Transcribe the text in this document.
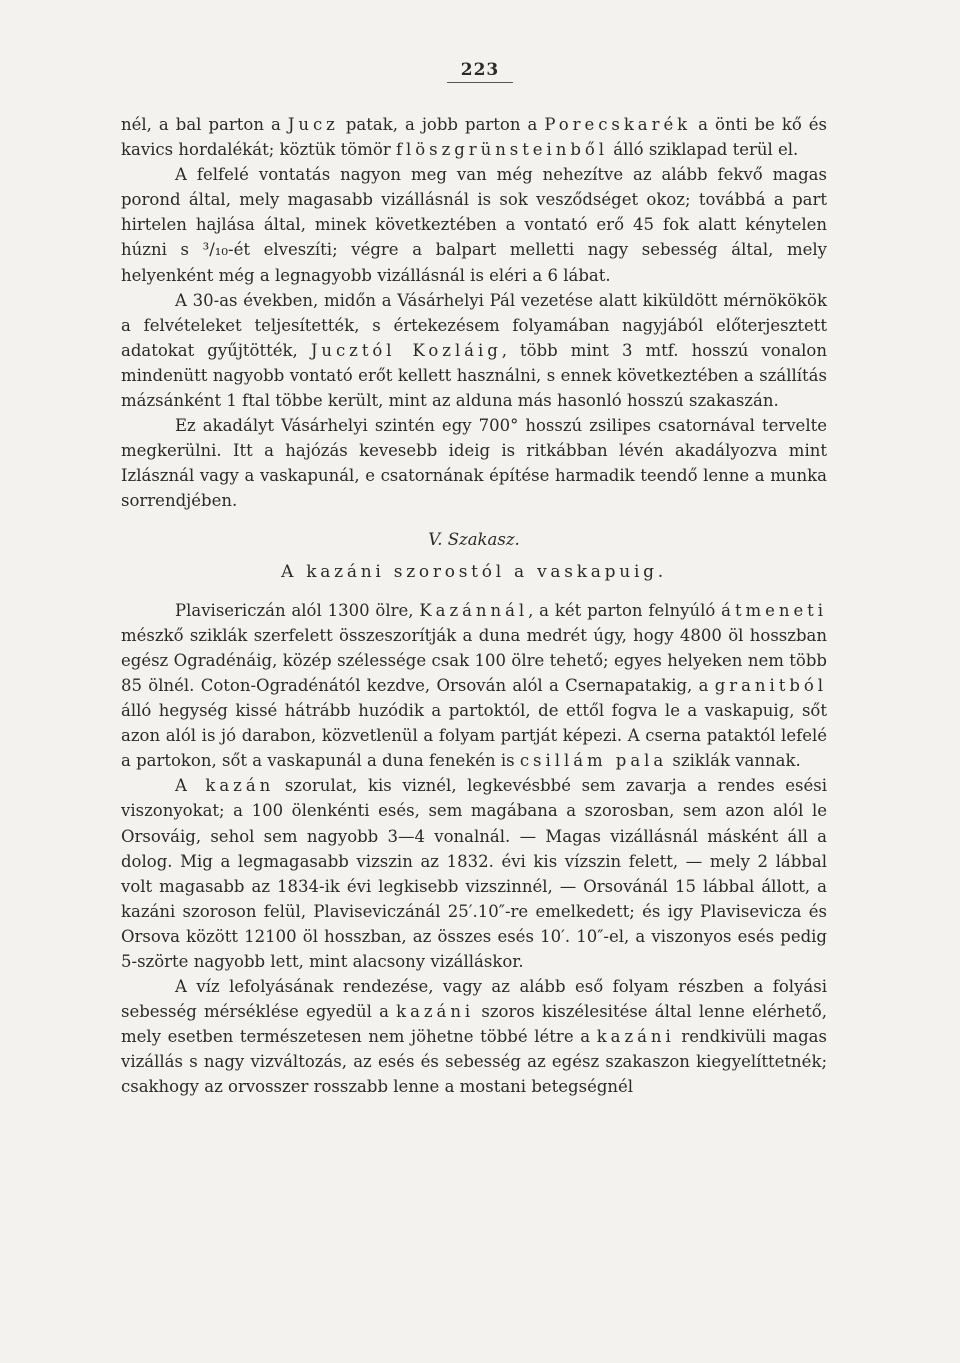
223

nél, a bal parton a Jucz patak, a jobb parton a Porecskarék a önti be kő és kavics hordalékát; köztük tömör flöszgrünsteinből álló sziklapad terül el.

A felfelé vontatás nagyon meg van még nehezítve az alább fekvő magas porond által, mely magasabb vizállásnál is sok vesződséget okoz; továbbá a part hirtelen hajlása által, minek következtében a vontató erő 45 fok alatt kénytelen húzni s ³/₁₀-ét elveszíti; végre a balpart melletti nagy sebesség által, mely helyenként még a legnagyobb vizállásnál is eléri a 6 lábat.

A 30-as években, midőn a Vásárhelyi Pál vezetése alatt kiküldött mérnökökök a felvételeket teljesítették, s értekezésem folyamában nagyjából előterjesztett adatokat gyűjtötték, Jucztól Kozláig, több mint 3 mtf. hosszú vonalon mindenütt nagyobb vontató erőt kellett használni, s ennek következtében a szállítás mázsánként 1 ftal többe került, mint az alduna más hasonló hosszú szakaszán.

Ez akadályt Vásárhelyi szintén egy 700° hosszú zsilipes csatornával tervelte megkerülni. Itt a hajózás kevesebb ideig is ritkábban lévén akadályozva mint Izlásznál vagy a vaskapunál, e csatornának építése harmadik teendő lenne a munka sorrendjében.

V. Szakasz.
A kazáni szorostól a vaskapuig.

Plavisericzán alól 1300 ölre, Kazánnál, a két parton felnyúló átmeneti mészkő sziklák szerfelett összeszorítják a duna medrét úgy, hogy 4800 öl hosszban egész Ogradénáig, közép szélessége csak 100 ölre tehető; egyes helyeken nem több 85 ölnél. Coton-Ogradénától kezdve, Orsován alól a Csernapatakig, a granitból álló hegység kissé hátrább huzódik a partoktól, de ettől fogva le a vaskapuig, sőt azon alól is jó darabon, közvetlenül a folyam partját képezi. A cserna pataktól lefelé a partokon, sőt a vaskapunál a duna fenekén is csillám pala sziklák vannak.

A kazán szorulat, kis viznél, legkevésbbé sem zavarja a rendes esési viszonyokat; a 100 ölenkénti esés, sem magábana a szorosban, sem azon alól le Orsováig, sehol sem nagyobb 3—4 vonalnál. — Magas vizállásnál másként áll a dolog. Mig a legmagasabb vizszin az 1832. évi kis vízszin felett, — mely 2 lábbal volt magasabb az 1834-ik évi legkisebb vizszinnél, — Orsovánál 15 lábbal állott, a kazáni szoroson felül, Plaviseviczánál 25′.10″-re emelkedett; és igy Plavisevicza és Orsova között 12100 öl hosszban, az összes esés 10′. 10″-el, a viszonyos esés pedig 5-szörte nagyobb lett, mint alacsony vizálláskor.

A víz lefolyásának rendezése, vagy az alább eső folyam részben a folyási sebesség mérséklése egyedül a kazáni szoros kiszélesitése által lenne elérhető, mely esetben természetesen nem jöhetne többé létre a kazáni rendkivüli magas vizállás s nagy vizváltozás, az esés és sebesség az egész szakaszon kiegyelíttetnék; csakhogy az orvosszer rosszabb lenne a mostani betegségnél
